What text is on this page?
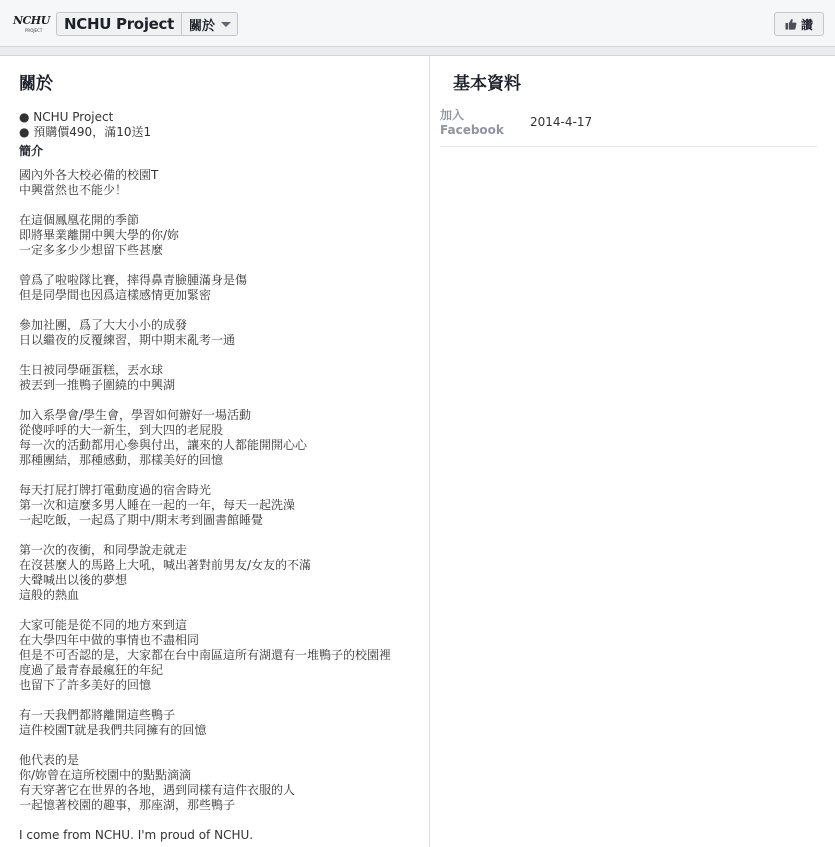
NCHU
PROJECT	NCHU Project	關於	讚
關於
● NCHU Project
● 預購價490，滿10送1
簡介
國內外各大校必備的校園T
中興當然也不能少！

在這個鳳凰花開的季節
即將畢業離開中興大學的你/妳
一定多多少少想留下些甚麼

曾爲了啦啦隊比賽，摔得鼻青臉腫滿身是傷
但是同學間也因爲這樣感情更加緊密

參加社團，爲了大大小小的成發
日以繼夜的反覆練習，期中期末亂考一通

生日被同學砸蛋糕，丟水球
被丟到一推鴨子圍繞的中興湖

加入系學會/學生會，學習如何辦好一場活動
從傻呼呼的大一新生，到大四的老屁股
每一次的活動都用心參與付出，讓來的人都能開開心心
那種團結，那種感動，那樣美好的回憶

每天打屁打牌打電動度過的宿舍時光
第一次和這麼多男人睡在一起的一年，每天一起洗澡
一起吃飯，一起爲了期中/期末考到圖書館睡覺

第一次的夜衝，和同學說走就走
在沒甚麼人的馬路上大吼，喊出著對前男友/女友的不滿
大聲喊出以後的夢想
這般的熱血

大家可能是從不同的地方來到這
在大學四年中做的事情也不盡相同
但是不可否認的是，大家都在台中南區這所有湖還有一堆鴨子的校園裡
度過了最青春最瘋狂的年紀
也留下了許多美好的回憶

有一天我們都將離開這些鴨子
這件校園T就是我們共同擁有的回憶

他代表的是
你/妳曾在這所校園中的點點滴滴
有天穿著它在世界的各地，遇到同樣有這件衣服的人
一起憶著校園的趣事，那座湖，那些鴨子

I come from NCHU. I'm proud of NCHU.
基本資料
加入
Facebook
2014-4-17
